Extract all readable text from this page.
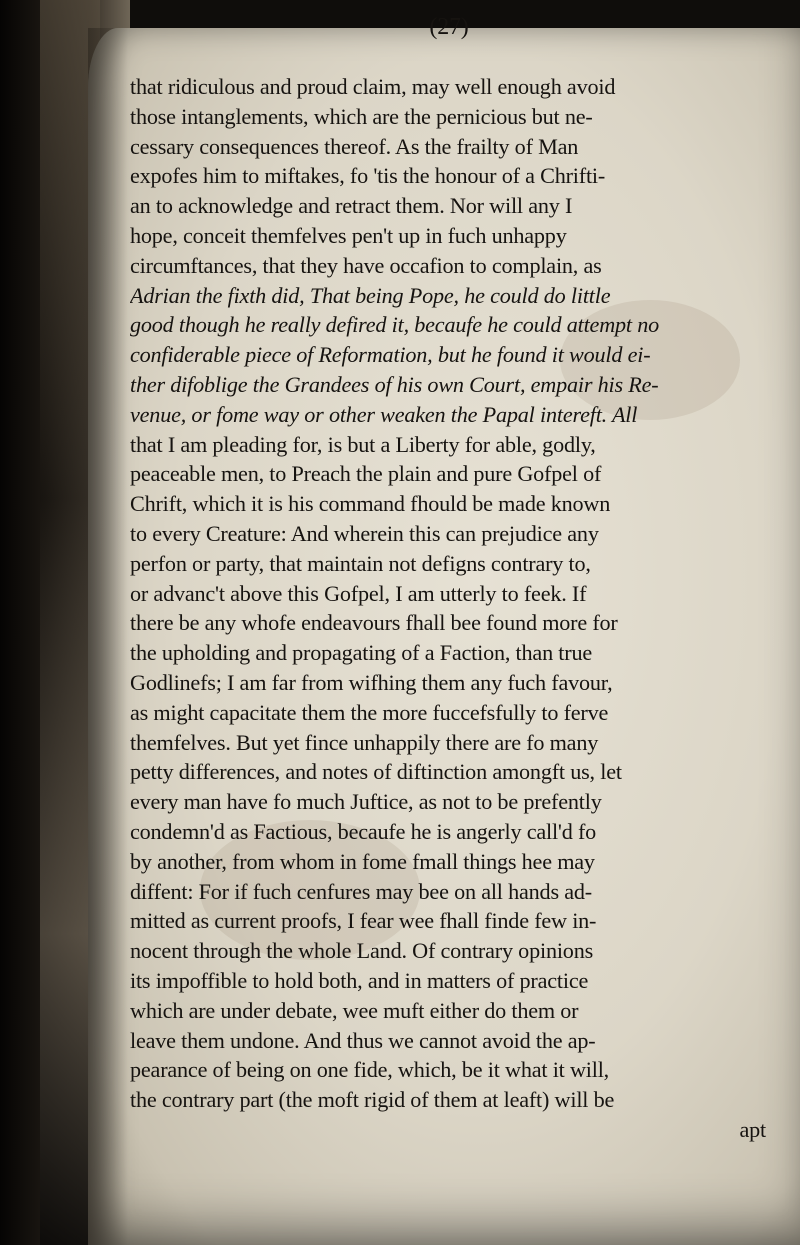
(27)
that ridiculous and proud claim, may well enough avoid
those intanglements, which are the pernicious but ne-
cessary consequences thereof. As the frailty of Man
expofes him to miftakes, fo 'tis the honour of a Chrifti-
an to acknowledge and retract them. Nor will any I
hope, conceit themfelves pen't up in fuch unhappy
circumftances, that they have occafion to complain, as
Adrian the fixth did, That being Pope, he could do little
good though he really defired it, becaufe he could attempt no
confiderable piece of Reformation, but he found it would ei-
ther difoblige the Grandees of his own Court, empair his Re-
venue, or fome way or other weaken the Papal intereft. All
that I am pleading for, is but a Liberty for able, godly,
peaceable men, to Preach the plain and pure Gofpel of
Chrift, which it is his command fhould be made known
to every Creature: And wherein this can prejudice any
perfon or party, that maintain not defigns contrary to,
or advanc't above this Gofpel, I am utterly to feek. If
there be any whofe endeavours fhall bee found more for
the upholding and propagating of a Faction, than true
Godlinefs; I am far from wifhing them any fuch favour,
as might capacitate them the more fuccefsfully to ferve
themfelves. But yet fince unhappily there are fo many
petty differences, and notes of diftinction amongft us, let
every man have fo much Juftice, as not to be prefently
condemn'd as Factious, becaufe he is angerly call'd fo
by another, from whom in fome fmall things hee may
diffent: For if fuch cenfures may bee on all hands ad-
mitted as current proofs, I fear wee fhall finde few in-
nocent through the whole Land. Of contrary opinions
its impoffible to hold both, and in matters of practice
which are under debate, wee muft either do them or
leave them undone. And thus we cannot avoid the ap-
pearance of being on one fide, which, be it what it will,
the contrary part (the moft rigid of them at leaft) will be
apt
